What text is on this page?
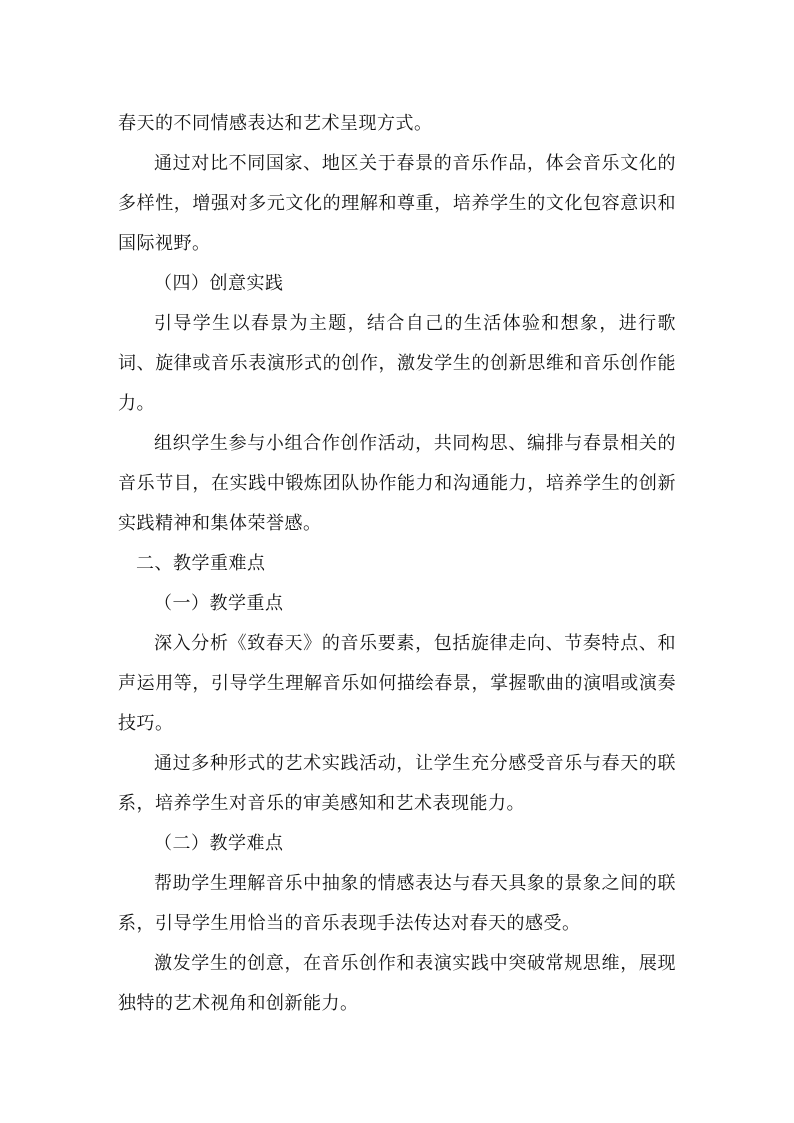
春天的不同情感表达和艺术呈现方式。

通过对比不同国家、地区关于春景的音乐作品，体会音乐文化的多样性，增强对多元文化的理解和尊重，培养学生的文化包容意识和国际视野。

（四）创意实践

引导学生以春景为主题，结合自己的生活体验和想象，进行歌词、旋律或音乐表演形式的创作，激发学生的创新思维和音乐创作能力。

组织学生参与小组合作创作活动，共同构思、编排与春景相关的音乐节目，在实践中锻炼团队协作能力和沟通能力，培养学生的创新实践精神和集体荣誉感。

二、教学重难点

（一）教学重点

深入分析《致春天》的音乐要素，包括旋律走向、节奏特点、和声运用等，引导学生理解音乐如何描绘春景，掌握歌曲的演唱或演奏技巧。

通过多种形式的艺术实践活动，让学生充分感受音乐与春天的联系，培养学生对音乐的审美感知和艺术表现能力。

（二）教学难点

帮助学生理解音乐中抽象的情感表达与春天具象的景象之间的联系，引导学生用恰当的音乐表现手法传达对春天的感受。

激发学生的创意，在音乐创作和表演实践中突破常规思维，展现独特的艺术视角和创新能力。
